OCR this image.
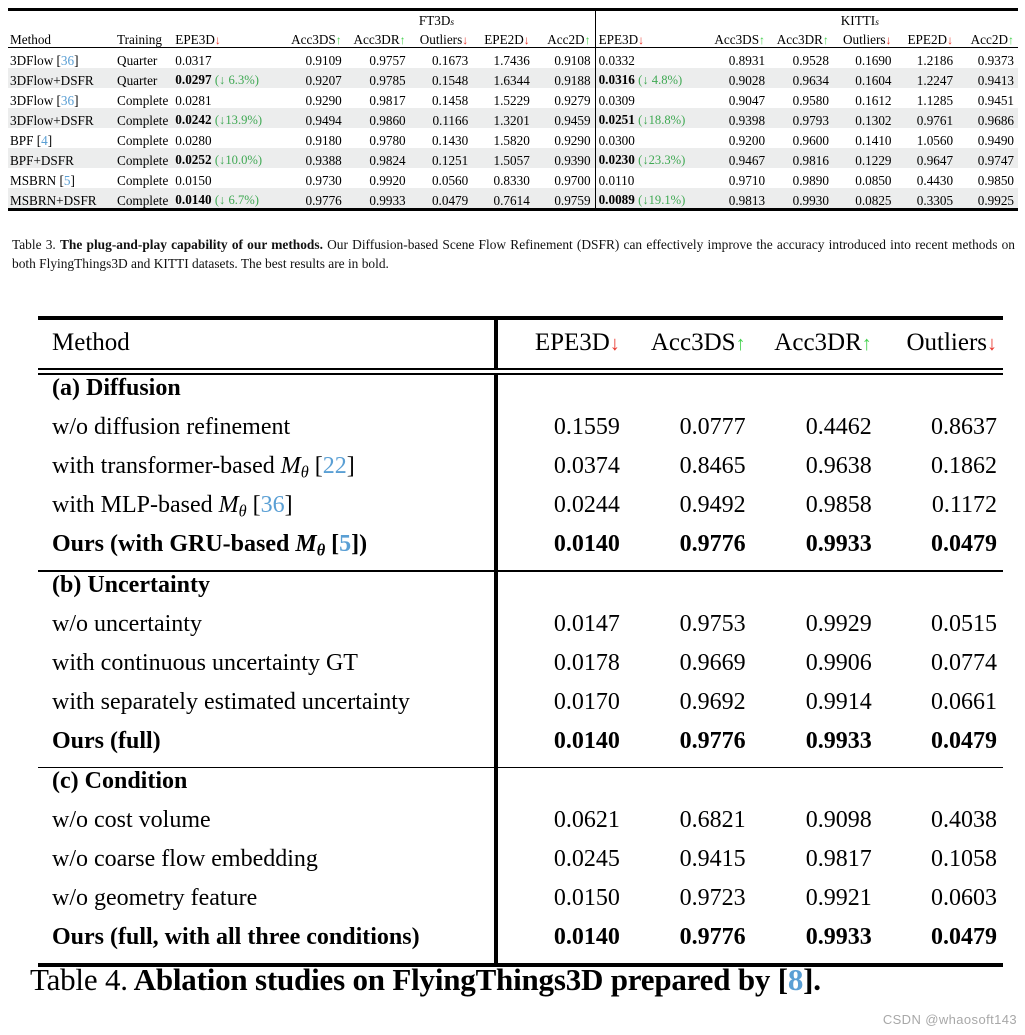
			FT3Ds						KITTIs				
Method	Training	EPE3D↓	Acc3DS↑	Acc3DR↑	Outliers↓	EPE2D↓	Acc2D↑	EPE3D↓	Acc3DS↑	Acc3DR↑	Outliers↓	EPE2D↓	Acc2D↑

3DFlow [36]	Quarter	0.0317	0.9109	0.9757	0.1673	1.7436	0.9108	0.0332	0.8931	0.9528	0.1690	1.2186	0.9373
3DFlow+DSFR	Quarter	0.0297 (↓ 6.3%)	0.9207	0.9785	0.1548	1.6344	0.9188	0.0316 (↓ 4.8%)	0.9028	0.9634	0.1604	1.2247	0.9413
3DFlow [36]	Complete	0.0281	0.9290	0.9817	0.1458	1.5229	0.9279	0.0309	0.9047	0.9580	0.1612	1.1285	0.9451
3DFlow+DSFR	Complete	0.0242 (↓13.9%)	0.9494	0.9860	0.1166	1.3201	0.9459	0.0251 (↓18.8%)	0.9398	0.9793	0.1302	0.9761	0.9686
BPF [4]	Complete	0.0280	0.9180	0.9780	0.1430	1.5820	0.9290	0.0300	0.9200	0.9600	0.1410	1.0560	0.9490
BPF+DSFR	Complete	0.0252 (↓10.0%)	0.9388	0.9824	0.1251	1.5057	0.9390	0.0230 (↓23.3%)	0.9467	0.9816	0.1229	0.9647	0.9747
MSBRN [5]	Complete	0.0150	0.9730	0.9920	0.0560	0.8330	0.9700	0.0110	0.9710	0.9890	0.0850	0.4430	0.9850
MSBRN+DSFR	Complete	0.0140 (↓ 6.7%)	0.9776	0.9933	0.0479	0.7614	0.9759	0.0089 (↓19.1%)	0.9813	0.9930	0.0825	0.3305	0.9925
Table 3. The plug-and-play capability of our methods. Our Diffusion-based Scene Flow Refinement (DSFR) can effectively improve the accuracy introduced into recent methods on both FlyingThings3D and KITTI datasets. The best results are in bold.
Method	EPE3D↓	Acc3DS↑	Acc3DR↑	Outliers↓

(a) Diffusion				
w/o diffusion refinement	0.1559	0.0777	0.4462	0.8637
with transformer-based Mθ [22]	0.0374	0.8465	0.9638	0.1862
with MLP-based Mθ [36]	0.0244	0.9492	0.9858	0.1172
Ours (with GRU-based Mθ [5])	0.0140	0.9776	0.9933	0.0479

(b) Uncertainty				
w/o uncertainty	0.0147	0.9753	0.9929	0.0515
with continuous uncertainty GT	0.0178	0.9669	0.9906	0.0774
with separately estimated uncertainty	0.0170	0.9692	0.9914	0.0661
Ours (full)	0.0140	0.9776	0.9933	0.0479

(c) Condition				
w/o cost volume	0.0621	0.6821	0.9098	0.4038
w/o coarse flow embedding	0.0245	0.9415	0.9817	0.1058
w/o geometry feature	0.0150	0.9723	0.9921	0.0603
Ours (full, with all three conditions)	0.0140	0.9776	0.9933	0.0479
Table 4. Ablation studies on FlyingThings3D prepared by [8].
CSDN @whaosoft143
